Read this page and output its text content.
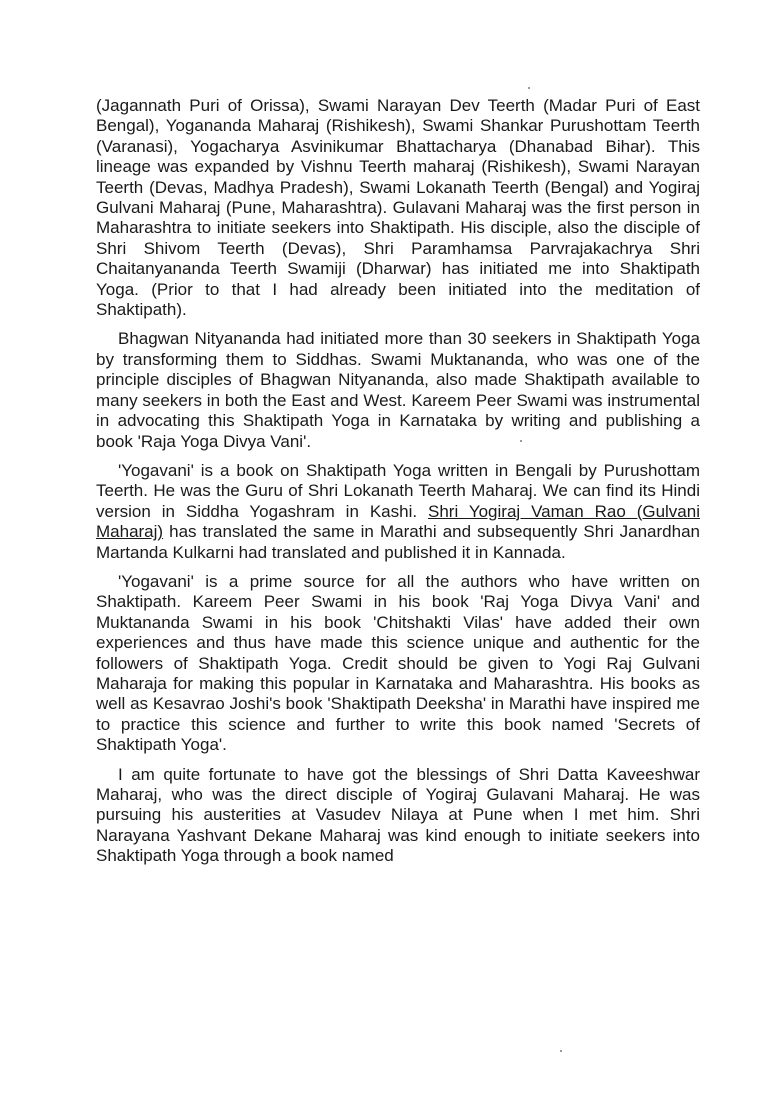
(Jagannath Puri of Orissa), Swami Narayan Dev Teerth (Madar Puri of East Bengal), Yogananda Maharaj (Rishikesh), Swami Shankar Purushottam Teerth (Varanasi), Yogacharya Asvinikumar Bhattacharya (Dhanabad Bihar). This lineage was expanded by Vishnu Teerth maharaj (Rishikesh), Swami Narayan Teerth (Devas, Madhya Pradesh), Swami Lokanath Teerth (Bengal) and Yogiraj Gulvani Maharaj (Pune, Maharashtra). Gulavani Maharaj was the first person in Maharashtra to initiate seekers into Shaktipath. His disciple, also the disciple of Shri Shivom Teerth (Devas), Shri Paramhamsa Parvrajakachrya Shri Chaitanyananda Teerth Swamiji (Dharwar) has initiated me into Shaktipath Yoga. (Prior to that I had already been initiated into the meditation of Shaktipath).

Bhagwan Nityananda had initiated more than 30 seekers in Shaktipath Yoga by transforming them to Siddhas. Swami Muktananda, who was one of the principle disciples of Bhagwan Nityananda, also made Shaktipath available to many seekers in both the East and West. Kareem Peer Swami was instrumental in advocating this Shaktipath Yoga in Karnataka by writing and publishing a book 'Raja Yoga Divya Vani'.

'Yogavani' is a book on Shaktipath Yoga written in Bengali by Purushottam Teerth. He was the Guru of Shri Lokanath Teerth Maharaj. We can find its Hindi version in Siddha Yogashram in Kashi. Shri Yogiraj Vaman Rao (Gulvani Maharaj) has translated the same in Marathi and subsequently Shri Janardhan Martanda Kulkarni had translated and published it in Kannada.

'Yogavani' is a prime source for all the authors who have written on Shaktipath. Kareem Peer Swami in his book 'Raj Yoga Divya Vani' and Muktananda Swami in his book 'Chitshakti Vilas' have added their own experiences and thus have made this science unique and authentic for the followers of Shaktipath Yoga. Credit should be given to Yogi Raj Gulvani Maharaja for making this popular in Karnataka and Maharashtra. His books as well as Kesavrao Joshi's book 'Shaktipath Deeksha' in Marathi have inspired me to practice this science and further to write this book named 'Secrets of Shaktipath Yoga'.

I am quite fortunate to have got the blessings of Shri Datta Kaveeshwar Maharaj, who was the direct disciple of Yogiraj Gulavani Maharaj. He was pursuing his austerities at Vasudev Nilaya at Pune when I met him. Shri Narayana Yashvant Dekane Maharaj was kind enough to initiate seekers into Shaktipath Yoga through a book named
